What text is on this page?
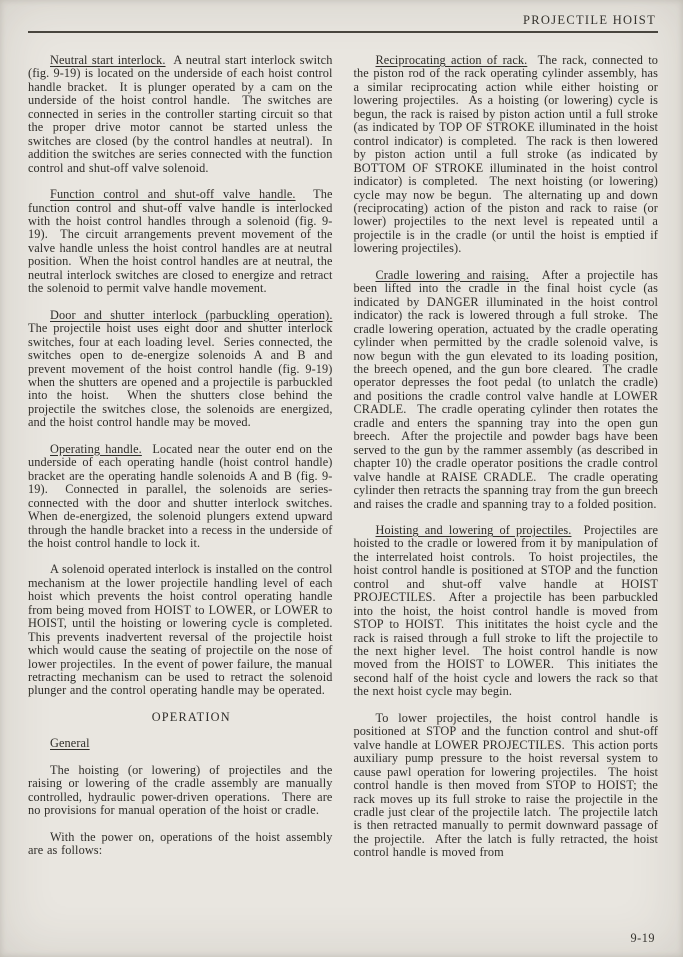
PROJECTILE HOIST

Neutral start interlock.  A neutral start interlock switch (fig. 9-19) is located on the underside of each hoist control handle bracket.  It is plunger operated by a cam on the underside of the hoist control handle.  The switches are connected in series in the controller starting circuit so that the proper drive motor cannot be started unless the switches are closed (by the control handles at neutral).  In addition the switches are series connected with the function control and shut-off valve solenoid.

Function control and shut-off valve handle.  The function control and shut-off valve handle is interlocked with the hoist control handles through a solenoid (fig. 9-19).  The circuit arrangements prevent movement of the valve handle unless the hoist control handles are at neutral position.  When the hoist control handles are at neutral, the neutral interlock switches are closed to energize and retract the solenoid to permit valve handle movement.

Door and shutter interlock (parbuckling operation).  The projectile hoist uses eight door and shutter interlock switches, four at each loading level.  Series connected, the switches open to de-energize solenoids A and B and prevent movement of the hoist control handle (fig. 9-19) when the shutters are opened and a projectile is parbuckled into the hoist.  When the shutters close behind the projectile the switches close, the solenoids are energized, and the hoist control handle may be moved.

Operating handle.  Located near the outer end on the underside of each operating handle (hoist control handle) bracket are the operating handle solenoids A and B (fig. 9-19).  Connected in parallel, the solenoids are series-connected with the door and shutter interlock switches.  When de-energized, the solenoid plungers extend upward through the handle bracket into a recess in the underside of the hoist control handle to lock it.

A solenoid operated interlock is installed on the control mechanism at the lower projectile handling level of each hoist which prevents the hoist control operating handle from being moved from HOIST to LOWER, or LOWER to HOIST, until the hoisting or lowering cycle is completed.  This prevents inadvertent reversal of the projectile hoist which would cause the seating of projectile on the nose of lower projectiles.  In the event of power failure, the manual retracting mechanism can be used to retract the solenoid plunger and the control operating handle may be operated.

OPERATION

General

The hoisting (or lowering) of projectiles and the raising or lowering of the cradle assembly are manually controlled, hydraulic power-driven operations.  There are no provisions for manual operation of the hoist or cradle.

With the power on, operations of the hoist assembly are as follows:

Reciprocating action of rack.  The rack, connected to the piston rod of the rack operating cylinder assembly, has a similar reciprocating action while either hoisting or lowering projectiles.  As a hoisting (or lowering) cycle is begun, the rack is raised by piston action until a full stroke (as indicated by TOP OF STROKE illuminated in the hoist control indicator) is completed.  The rack is then lowered by piston action until a full stroke (as indicated by BOTTOM OF STROKE illuminated in the hoist control indicator) is completed.  The next hoisting (or lowering) cycle may now be begun.  The alternating up and down (reciprocating) action of the piston and rack to raise (or lower) projectiles to the next level is repeated until a projectile is in the cradle (or until the hoist is emptied if lowering projectiles).

Cradle lowering and raising.  After a projectile has been lifted into the cradle in the final hoist cycle (as indicated by DANGER illuminated in the hoist control indicator) the rack is lowered through a full stroke.  The cradle lowering operation, actuated by the cradle operating cylinder when permitted by the cradle solenoid valve, is now begun with the gun elevated to its loading position, the breech opened, and the gun bore cleared.  The cradle operator depresses the foot pedal (to unlatch the cradle) and positions the cradle control valve handle at LOWER CRADLE.  The cradle operating cylinder then rotates the cradle and enters the spanning tray into the open gun breech.  After the projectile and powder bags have been served to the gun by the rammer assembly (as described in chapter 10) the cradle operator positions the cradle control valve handle at RAISE CRADLE.  The cradle operating cylinder then retracts the spanning tray from the gun breech and raises the cradle and spanning tray to a folded position.

Hoisting and lowering of projectiles.  Projectiles are hoisted to the cradle or lowered from it by manipulation of the interrelated hoist controls.  To hoist projectiles, the hoist control handle is positioned at STOP and the function control and shut-off valve handle at HOIST PROJECTILES.  After a projectile has been parbuckled into the hoist, the hoist control handle is moved from STOP to HOIST.  This inititates the hoist cycle and the rack is raised through a full stroke to lift the projectile to the next higher level.  The hoist control handle is now moved from the HOIST to LOWER.  This initiates the second half of the hoist cycle and lowers the rack so that the next hoist cycle may begin.

To lower projectiles, the hoist control handle is positioned at STOP and the function control and shut-off valve handle at LOWER PROJECTILES.  This action ports auxiliary pump pressure to the hoist reversal system to cause pawl operation for lowering projectiles.  The hoist control handle is then moved from STOP to HOIST; the rack moves up its full stroke to raise the projectile in the cradle just clear of the projectile latch.  The projectile latch is then retracted manually to permit downward passage of the projectile.  After the latch is fully retracted, the hoist control handle is moved from

9-19
